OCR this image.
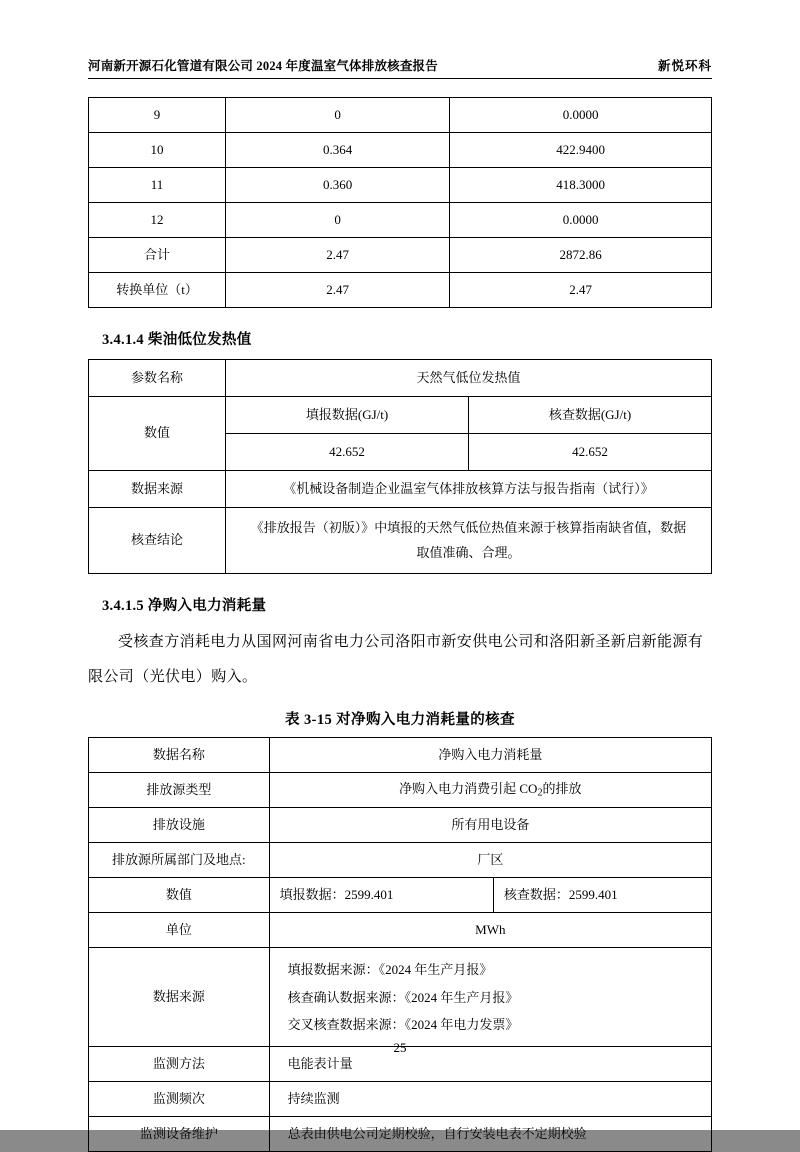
河南新开源石化管道有限公司 2024 年度温室气体排放核查报告	新悦环科
9	0	0.0000
10	0.364	422.9400
11	0.360	418.3000
12	0	0.0000
合计	2.47	2872.86
转换单位（t）	2.47	2.47
3.4.1.4 柴油低位发热值
参数名称	天然气低位发热值	
数值	填报数据(GJ/t)	核查数据(GJ/t)
	42.652	42.652
数据来源	《机械设备制造企业温室气体排放核算方法与报告指南（试行）》	
核查结论	《排放报告（初版）》中填报的天然气低位热值来源于核算指南缺省值，数据取值准确、合理。	
3.4.1.5 净购入电力消耗量

受核查方消耗电力从国网河南省电力公司洛阳市新安供电公司和洛阳新圣新启新能源有限公司（光伏电）购入。

表 3-15 对净购入电力消耗量的核查
数据名称	净购入电力消耗量	
排放源类型	净购入电力消费引起 $CO_2$的排放	
排放设施	所有用电设备	
排放源所属部门及地点:	厂区	
数值	填报数据：2599.401	核查数据：2599.401
单位	MWh	
数据来源	填报数据来源：《2024 年生产月报》
核查确认数据来源：《2024 年生产月报》
交叉核查数据来源：《2024 年电力发票》	

监测方法	电能表计量	
监测频次	持续监测	
监测设备维护	总表由供电公司定期校验，自行安装电表不定期校验	
25
